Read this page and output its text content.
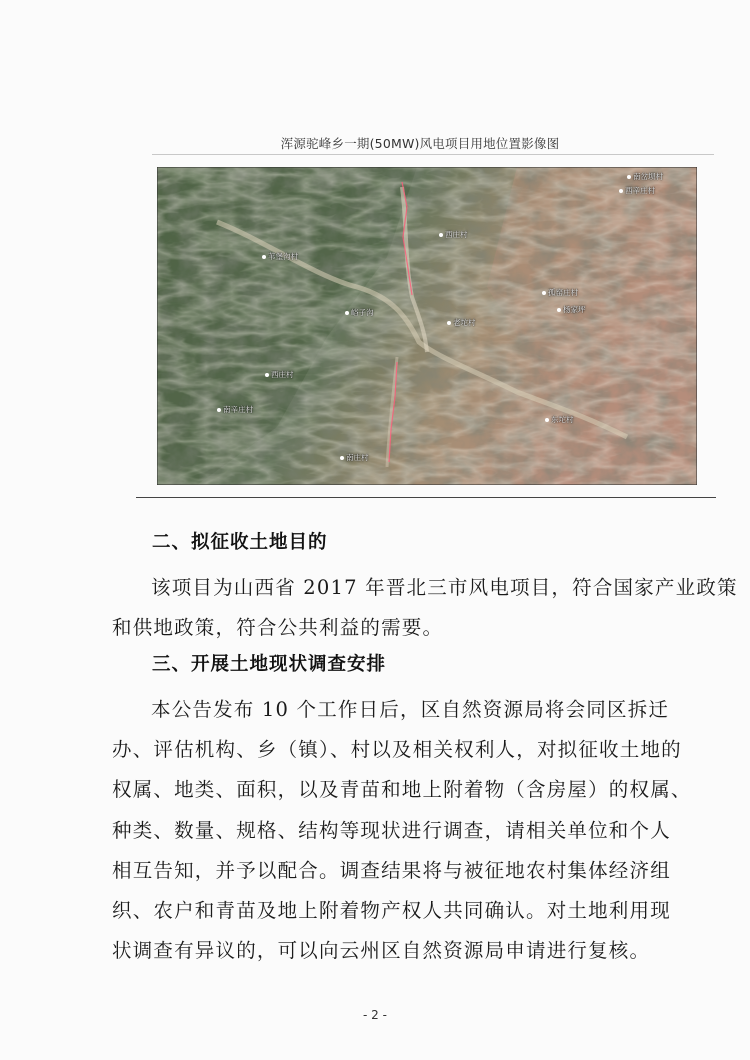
浑源驼峰乡一期(50MW)风电项目用地位置影像图
南岔坝村
西辛庄村
苇堡沟村
峪子沟
孤窑庄村
杨家坪
老坨村
西庄村
西庄村
南辛庄村
东坨村
南庄村
二、拟征收土地目的
该项目为山西省 2017 年晋北三市风电项目，符合国家产业政策
和供地政策，符合公共利益的需要。
三、开展土地现状调查安排
本公告发布 10 个工作日后，区自然资源局将会同区拆迁
办、评估机构、乡（镇）、村以及相关权利人，对拟征收土地的
权属、地类、面积，以及青苗和地上附着物（含房屋）的权属、
种类、数量、规格、结构等现状进行调查，请相关单位和个人
相互告知，并予以配合。调查结果将与被征地农村集体经济组
织、农户和青苗及地上附着物产权人共同确认。对土地利用现
状调查有异议的，可以向云州区自然资源局申请进行复核。
- 2 -
